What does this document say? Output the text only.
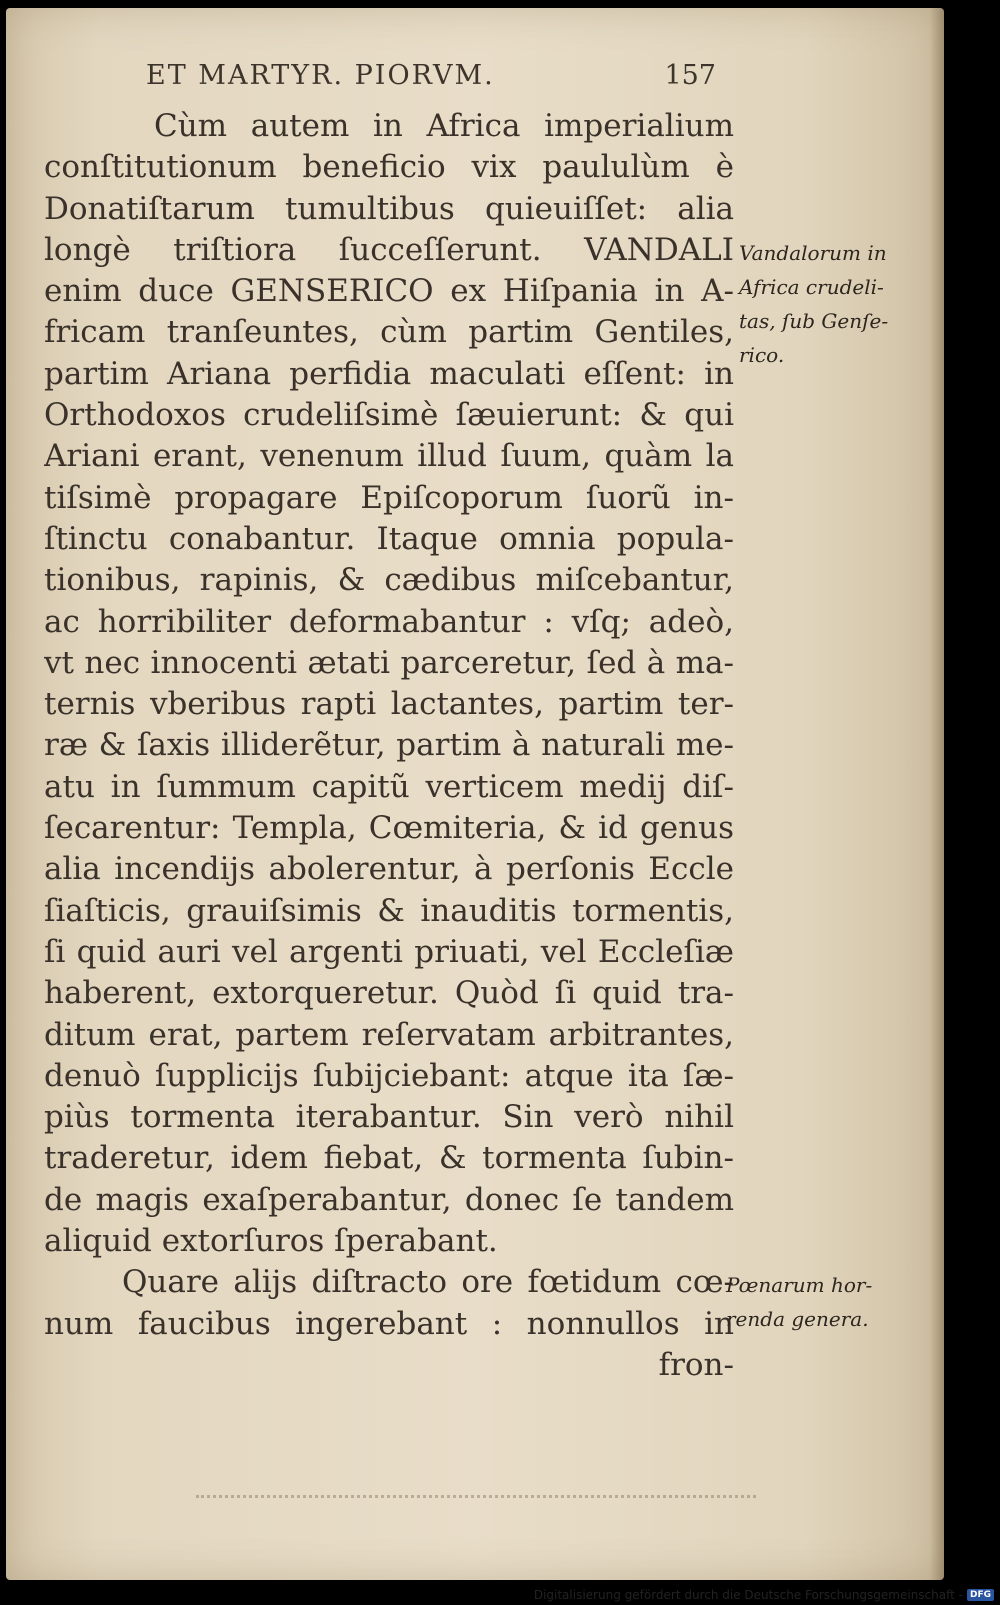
ET MARTYR. PIORVM.	157
Cùm autem in Africa imperialium
conſtitutionum beneficio vix paululùm è
Donatiſtarum tumultibus quieuiſſet: alia
longè triſtiora ſucceſſerunt. VANDALI
enim duce GENSERICO ex Hiſpania in A-
fricam tranſeuntes, cùm partim Gentiles,
partim Ariana perfidia maculati eſſent: in
Orthodoxos crudeliſsimè ſæuierunt: & qui
Ariani erant, venenum illud ſuum, quàm la
tiſsimè propagare Epiſcoporum ſuorũ in-
ſtinctu conabantur. Itaque omnia popula-
tionibus, rapinis, & cædibus miſcebantur,
ac horribiliter deformabantur : vſq; adeò,
vt nec innocenti ætati parceretur, ſed à ma-
ternis vberibus rapti lactantes, partim ter-
ræ & ſaxis illiderẽtur, partim à naturali me-
atu in ſummum capitũ verticem medij diſ-
ſecarentur: Templa, Cœmiteria, & id genus
alia incendijs abolerentur, à perſonis Eccle
ſiaſticis, grauiſsimis & inauditis tormentis,
ſi quid auri vel argenti priuati, vel Eccleſiæ
haberent, extorqueretur. Quòd ſi quid tra-
ditum erat, partem reſervatam arbitrantes,
denuò ſupplicijs ſubijciebant: atque ita ſæ-
piùs tormenta iterabantur. Sin verò nihil
traderetur, idem fiebat, & tormenta ſubin-
de magis exaſperabantur, donec ſe tandem
aliquid extorſuros ſperabant.
Quare alijs diſtracto ore fœtidum cœ-
num faucibus ingerebant : nonnullos in
fron-
Vandalorum in
Africa crudeli-
tas, ſub Genſe-
rico.
Pœnarum hor-
renda genera.
Digitalisierung gefördert durch die Deutsche Forschungsgemeinschaft - DFG
